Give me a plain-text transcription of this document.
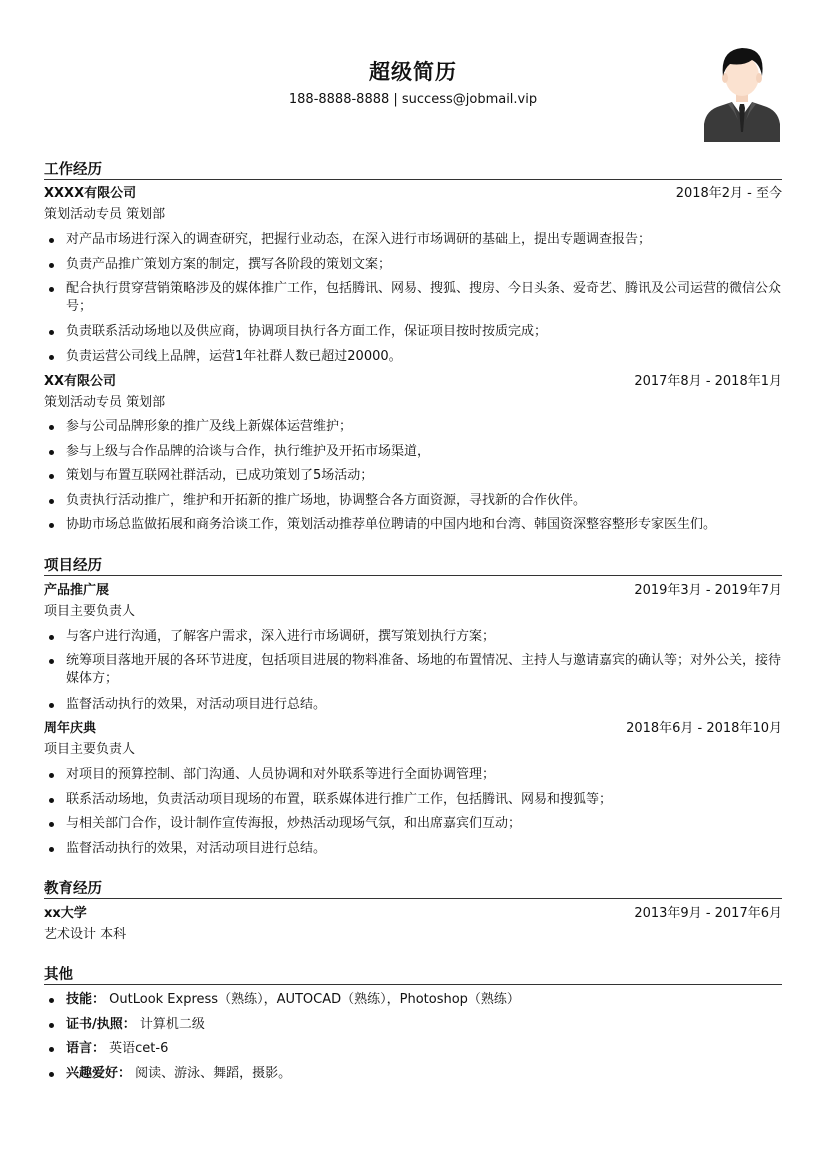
超级简历
188-8888-8888 | success@jobmail.vip
工作经历
XXXX有限公司	2018年2月 - 至今
策划活动专员 策划部
对产品市场进行深入的调查研究，把握行业动态，在深入进行市场调研的基础上，提出专题调查报告；
负责产品推广策划方案的制定，撰写各阶段的策划文案；
配合执行贯穿营销策略涉及的媒体推广工作，包括腾讯、网易、搜狐、搜房、今日头条、爱奇艺、腾讯及公司运营的微信公众号；
负责联系活动场地以及供应商，协调项目执行各方面工作，保证项目按时按质完成；
负责运营公司线上品牌，运营1年社群人数已超过20000。
XX有限公司	2017年8月 - 2018年1月
策划活动专员 策划部
参与公司品牌形象的推广及线上新媒体运营维护；
参与上级与合作品牌的洽谈与合作，执行维护及开拓市场渠道，
策划与布置互联网社群活动，已成功策划了5场活动；
负责执行活动推广，维护和开拓新的推广场地，协调整合各方面资源，寻找新的合作伙伴。
协助市场总监做拓展和商务洽谈工作，策划活动推荐单位聘请的中国内地和台湾、韩国资深整容整形专家医生们。
项目经历
产品推广展	2019年3月 - 2019年7月
项目主要负责人
与客户进行沟通，了解客户需求，深入进行市场调研，撰写策划执行方案；
统筹项目落地开展的各环节进度，包括项目进展的物料准备、场地的布置情况、主持人与邀请嘉宾的确认等；对外公关，接待媒体方；
监督活动执行的效果，对活动项目进行总结。
周年庆典	2018年6月 - 2018年10月
项目主要负责人
对项目的预算控制、部门沟通、人员协调和对外联系等进行全面协调管理；
联系活动场地，负责活动项目现场的布置，联系媒体进行推广工作，包括腾讯、网易和搜狐等；
与相关部门合作，设计制作宣传海报，炒热活动现场气氛，和出席嘉宾们互动；
监督活动执行的效果，对活动项目进行总结。
教育经历
xx大学	2013年9月 - 2017年6月
艺术设计 本科
其他
技能： OutLook Express（熟练），AUTOCAD（熟练），Photoshop（熟练）
证书/执照： 计算机二级
语言： 英语cet-6
兴趣爱好： 阅读、游泳、舞蹈，摄影。
